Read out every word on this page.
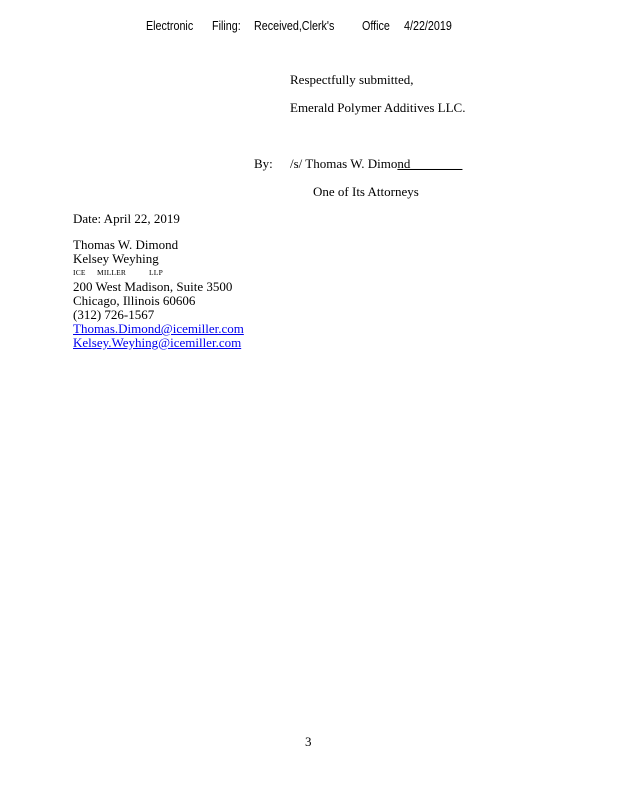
Electronic Filing: Received,Clerk's Office 4/22/2019
Respectfully submitted,
Emerald Polymer Additives LLC.
By: /s/ Thomas W. Dimond________
One of Its Attorneys
Date: April 22, 2019
Thomas W. Dimond
Kelsey Weyhing
ICE MILLER	LLP
200 West Madison, Suite 3500
Chicago, Illinois 60606
(312) 726-1567
Thomas.Dimond@icemiller.com
Kelsey.Weyhing@icemiller.com
3
